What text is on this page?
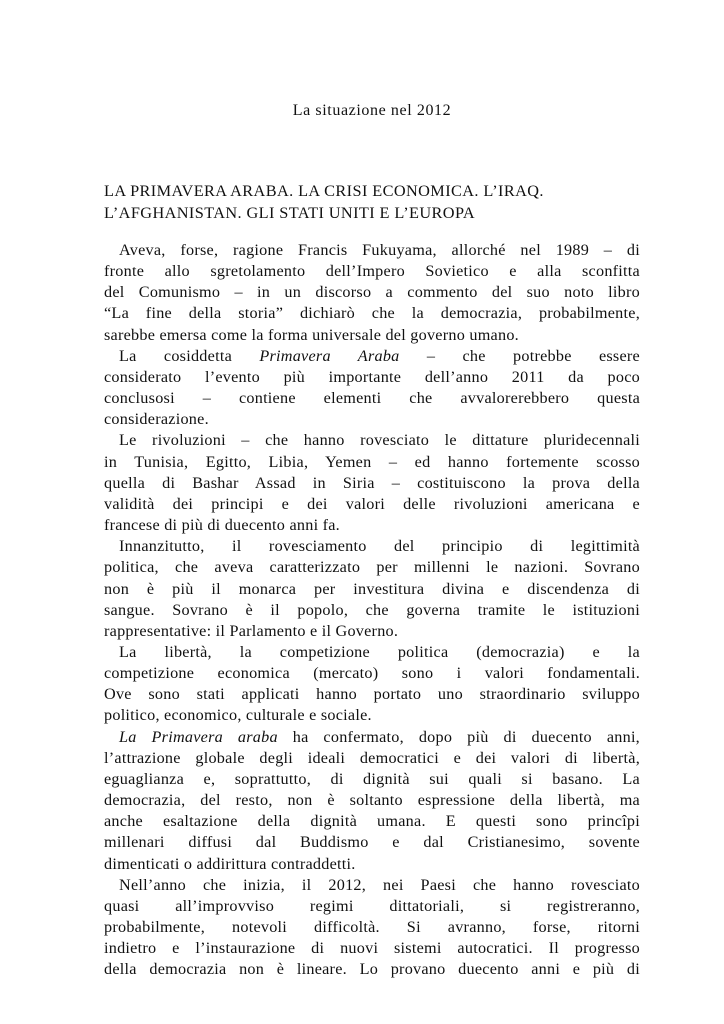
La situazione nel 2012
LA PRIMAVERA ARABA. LA CRISI ECONOMICA. L’IRAQ.
L’AFGHANISTAN. GLI STATI UNITI E L’EUROPA

Aveva, forse, ragione Francis Fukuyama, allorché nel 1989 – di
fronte allo sgretolamento dell’Impero Sovietico e alla sconfitta
del Comunismo – in un discorso a commento del suo noto libro
“La fine della storia” dichiarò che la democrazia, probabilmente,
sarebbe emersa come la forma universale del governo umano.

La cosiddetta Primavera Araba – che potrebbe essere
considerato l’evento più importante dell’anno 2011 da poco
conclusosi – contiene elementi che avvalorerebbero questa
considerazione.

Le rivoluzioni – che hanno rovesciato le dittature pluridecennali
in Tunisia, Egitto, Libia, Yemen – ed hanno fortemente scosso
quella di Bashar Assad in Siria – costituiscono la prova della
validità dei principi e dei valori delle rivoluzioni americana e
francese di più di duecento anni fa.

Innanzitutto, il rovesciamento del principio di legittimità
politica, che aveva caratterizzato per millenni le nazioni. Sovrano
non è più il monarca per investitura divina e discendenza di
sangue. Sovrano è il popolo, che governa tramite le istituzioni
rappresentative: il Parlamento e il Governo.

La libertà, la competizione politica (democrazia) e la
competizione economica (mercato) sono i valori fondamentali.
Ove sono stati applicati hanno portato uno straordinario sviluppo
politico, economico, culturale e sociale.

La Primavera araba ha confermato, dopo più di duecento anni,
l’attrazione globale degli ideali democratici e dei valori di libertà,
eguaglianza e, soprattutto, di dignità sui quali si basano. La
democrazia, del resto, non è soltanto espressione della libertà, ma
anche esaltazione della dignità umana. E questi sono princîpi
millenari diffusi dal Buddismo e dal Cristianesimo, sovente
dimenticati o addirittura contraddetti.

Nell’anno che inizia, il 2012, nei Paesi che hanno rovesciato
quasi all’improvviso regimi dittatoriali, si registreranno,
probabilmente, notevoli difficoltà. Si avranno, forse, ritorni
indietro e l’instaurazione di nuovi sistemi autocratici. Il progresso
della democrazia non è lineare. Lo provano duecento anni e più di
